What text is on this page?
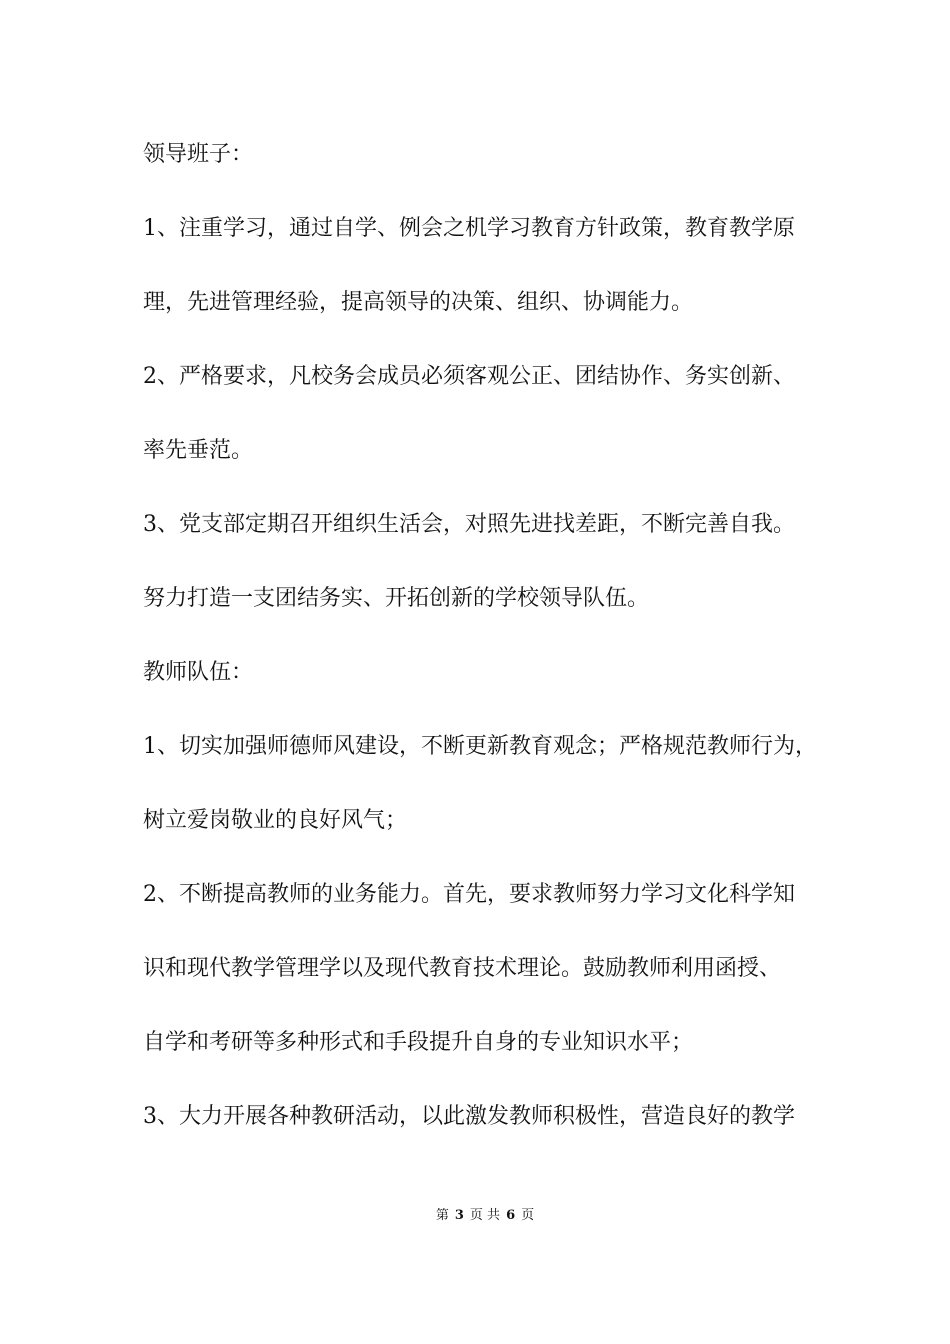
领导班子：
1、注重学习，通过自学、例会之机学习教育方针政策，教育教学原
理，先进管理经验，提高领导的决策、组织、协调能力。
2、严格要求，凡校务会成员必须客观公正、团结协作、务实创新、
率先垂范。
3、党支部定期召开组织生活会，对照先进找差距，不断完善自我。
努力打造一支团结务实、开拓创新的学校领导队伍。
教师队伍：
1、切实加强师德师风建设，不断更新教育观念；严格规范教师行为，
树立爱岗敬业的良好风气；
2、不断提高教师的业务能力。首先，要求教师努力学习文化科学知
识和现代教学管理学以及现代教育技术理论。鼓励教师利用函授、
自学和考研等多种形式和手段提升自身的专业知识水平；
3、大力开展各种教研活动，以此激发教师积极性，营造良好的教学
第 3 页 共 6 页
